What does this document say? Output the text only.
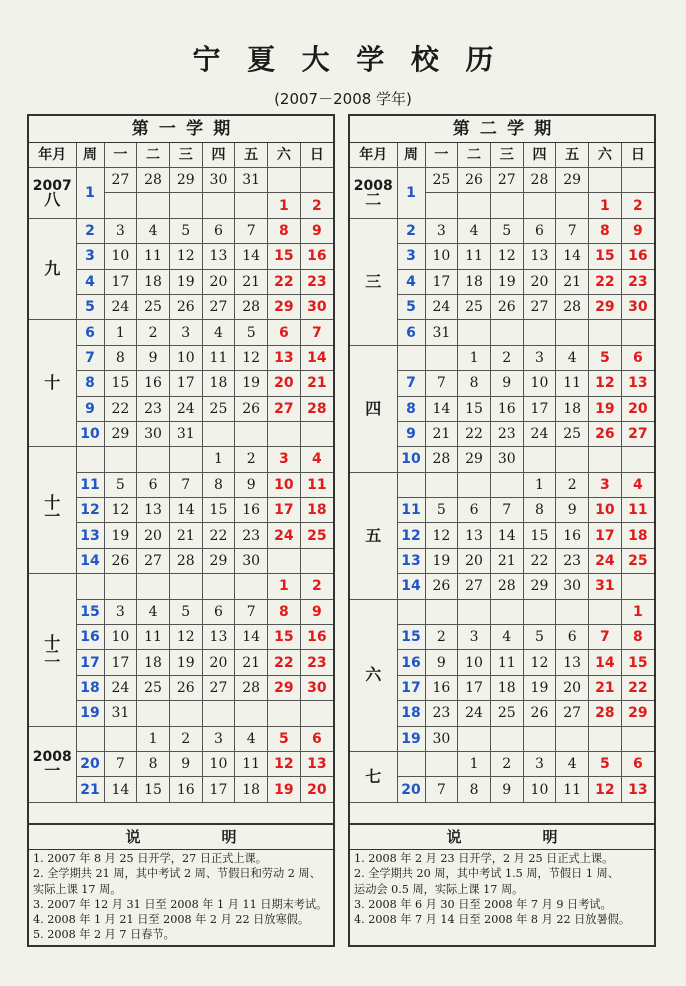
宁夏大学校历
(2007－2008 学年)
第一学期
年月	周	一	二	三	四	五	六	日

2007
八	1	27	28	29	30	31		
							1	2

九	2	3	4	5	6	7	8	9
	3	10	11	12	13	14	15	16
	4	17	18	19	20	21	22	23
	5	24	25	26	27	28	29	30

十	6	1	2	3	4	5	6	7
	7	8	9	10	11	12	13	14
	8	15	16	17	18	19	20	21
	9	22	23	24	25	26	27	28
	10	29	30	31				

十
一					1	2	3	4
	11	5	6	7	8	9	10	11
	12	12	13	14	15	16	17	18
	13	19	20	21	22	23	24	25
	14	26	27	28	29	30		

十
二							1	2
	15	3	4	5	6	7	8	9
	16	10	11	12	13	14	15	16
	17	17	18	19	20	21	22	23
	18	24	25	26	27	28	29	30
	19	31						

2008
一			1	2	3	4	5	6
	20	7	8	9	10	11	12	13
	21	14	15	16	17	18	19	20
说　明
1. 2007 年 8 月 25 日开学，27 日正式上课。
2. 全学期共 21 周，其中考试 2 周、节假日和劳动 2 周、
实际上课 17 周。
3. 2007 年 12 月 31 日至 2008 年 1 月 11 日期末考试。
4. 2008 年 1 月 21 日至 2008 年 2 月 22 日放寒假。
5. 2008 年 2 月 7 日春节。
第二学期
年月	周	一	二	三	四	五	六	日

2008
二	1	25	26	27	28	29		
							1	2

三	2	3	4	5	6	7	8	9
	3	10	11	12	13	14	15	16
	4	17	18	19	20	21	22	23
	5	24	25	26	27	28	29	30
	6	31						

四			1	2	3	4	5	6
	7	7	8	9	10	11	12	13
	8	14	15	16	17	18	19	20
	9	21	22	23	24	25	26	27
	10	28	29	30				

五					1	2	3	4
	11	5	6	7	8	9	10	11
	12	12	13	14	15	16	17	18
	13	19	20	21	22	23	24	25
	14	26	27	28	29	30	31	

六								1
	15	2	3	4	5	6	7	8
	16	9	10	11	12	13	14	15
	17	16	17	18	19	20	21	22
	18	23	24	25	26	27	28	29
	19	30						

七			1	2	3	4	5	6
	20	7	8	9	10	11	12	13
说　明
1. 2008 年 2 月 23 日开学，2 月 25 日正式上课。
2. 全学期共 20 周，其中考试 1.5 周，节假日 1 周、
运动会 0.5 周，实际上课 17 周。
3. 2008 年 6 月 30 日至 2008 年 7 月 9 日考试。
4. 2008 年 7 月 14 日至 2008 年 8 月 22 日放暑假。
